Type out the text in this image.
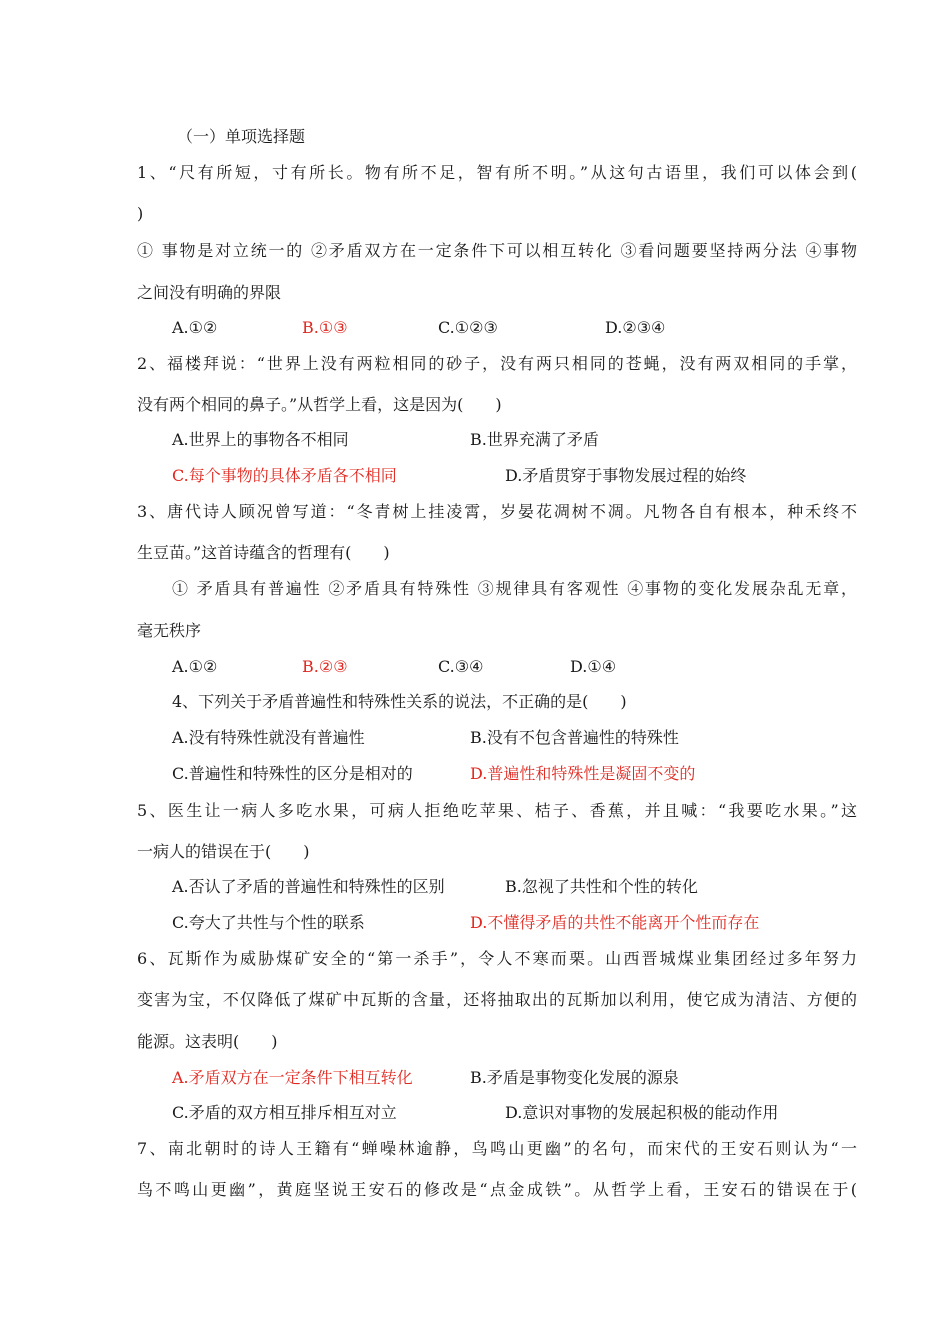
（一）单项选择题
1、“尺有所短，寸有所长。物有所不足，智有所不明。”从这句古语里，我们可以体会到(
)
① 事物是对立统一的 ②矛盾双方在一定条件下可以相互转化 ③看问题要坚持两分法 ④事物
之间没有明确的界限
A.①②	B.①③	C.①②③	D.②③④
2、福楼拜说：“世界上没有两粒相同的砂子，没有两只相同的苍蝇，没有两双相同的手掌，
没有两个相同的鼻子。”从哲学上看，这是因为(　　)
A.世界上的事物各不相同	B.世界充满了矛盾
C.每个事物的具体矛盾各不相同	D.矛盾贯穿于事物发展过程的始终
3、唐代诗人顾况曾写道：“冬青树上挂凌霄，岁晏花凋树不凋。凡物各自有根本，种禾终不
生豆苗。”这首诗蕴含的哲理有(　　)
① 矛盾具有普遍性 ②矛盾具有特殊性 ③规律具有客观性 ④事物的变化发展杂乱无章，
毫无秩序
A.①②	B.②③	C.③④	D.①④
4、下列关于矛盾普遍性和特殊性关系的说法，不正确的是(　　)
A.没有特殊性就没有普遍性	B.没有不包含普遍性的特殊性
C.普遍性和特殊性的区分是相对的	D.普遍性和特殊性是凝固不变的
5、医生让一病人多吃水果，可病人拒绝吃苹果、桔子、香蕉，并且喊：“我要吃水果。”这
一病人的错误在于(　　)
A.否认了矛盾的普遍性和特殊性的区别	B.忽视了共性和个性的转化
C.夸大了共性与个性的联系	D.不懂得矛盾的共性不能离开个性而存在
6、瓦斯作为威胁煤矿安全的“第一杀手”，令人不寒而栗。山西晋城煤业集团经过多年努力
变害为宝，不仅降低了煤矿中瓦斯的含量，还将抽取出的瓦斯加以利用，使它成为清洁、方便的
能源。这表明(　　)
A.矛盾双方在一定条件下相互转化	B.矛盾是事物变化发展的源泉
C.矛盾的双方相互排斥相互对立	D.意识对事物的发展起积极的能动作用
7、南北朝时的诗人王籍有“蝉噪林逾静，鸟鸣山更幽”的名句，而宋代的王安石则认为“一
鸟不鸣山更幽”，黄庭坚说王安石的修改是“点金成铁”。从哲学上看，王安石的错误在于(
